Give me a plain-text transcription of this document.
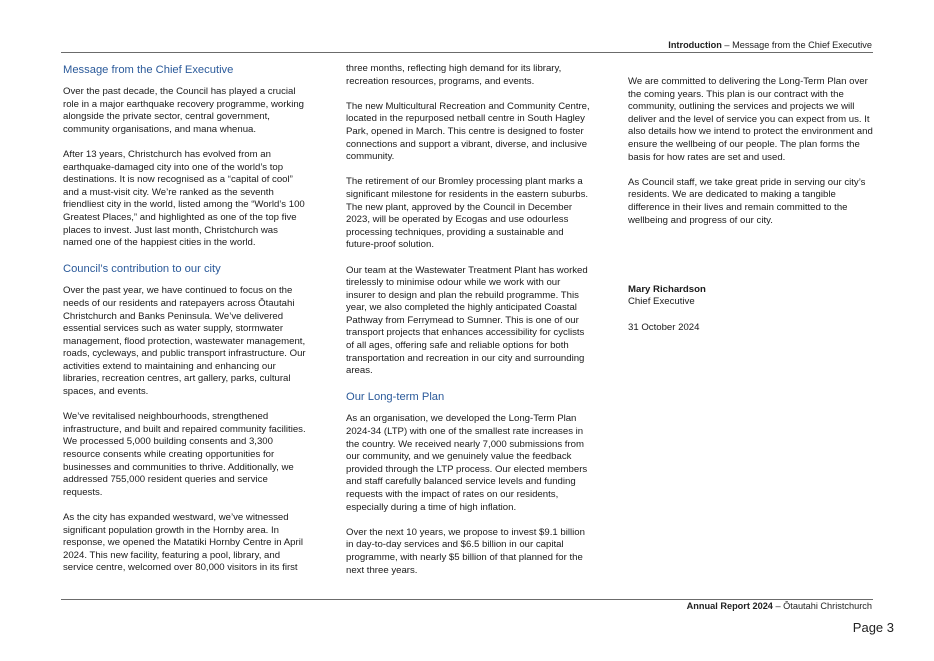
Introduction – Message from the Chief Executive
Message from the Chief Executive

Over the past decade, the Council has played a crucial role in a major earthquake recovery programme, working alongside the private sector, central government, community organisations, and mana whenua.

After 13 years, Christchurch has evolved from an earthquake-damaged city into one of the world’s top destinations. It is now recognised as a “capital of cool” and a must-visit city. We’re ranked as the seventh friendliest city in the world, listed among the “World’s 100 Greatest Places,” and highlighted as one of the top five places to invest. Just last month, Christchurch was named one of the happiest cities in the world.

Council’s contribution to our city

Over the past year, we have continued to focus on the needs of our residents and ratepayers across Ōtautahi Christchurch and Banks Peninsula. We’ve delivered essential services such as water supply, stormwater management, flood protection, wastewater management, roads, cycleways, and public transport infrastructure. Our activities extend to maintaining and enhancing our libraries, recreation centres, art gallery, parks, cultural spaces, and events.

We’ve revitalised neighbourhoods, strengthened infrastructure, and built and repaired community facilities. We processed 5,000 building consents and 3,300 resource consents while creating opportunities for businesses and communities to thrive. Additionally, we addressed 755,000 resident queries and service requests.

As the city has expanded westward, we’ve witnessed significant population growth in the Hornby area. In response, we opened the Matatiki Hornby Centre in April 2024. This new facility, featuring a pool, library, and service centre, welcomed over 80,000 visitors in its first

three months, reflecting high demand for its library, recreation resources, programs, and events.

The new Multicultural Recreation and Community Centre, located in the repurposed netball centre in South Hagley Park, opened in March. This centre is designed to foster connections and support a vibrant, diverse, and inclusive community.

The retirement of our Bromley processing plant marks a significant milestone for residents in the eastern suburbs. The new plant, approved by the Council in December 2023, will be operated by Ecogas and use odourless processing techniques, providing a sustainable and future-proof solution.

Our team at the Wastewater Treatment Plant has worked tirelessly to minimise odour while we work with our insurer to design and plan the rebuild programme. This year, we also completed the highly anticipated Coastal Pathway from Ferrymead to Sumner. This is one of our transport projects that enhances accessibility for cyclists of all ages, offering safe and reliable options for both transportation and recreation in our city and surrounding areas.

Our Long-term Plan

As an organisation, we developed the Long-Term Plan 2024-34 (LTP) with one of the smallest rate increases in the country. We received nearly 7,000 submissions from our community, and we genuinely value the feedback provided through the LTP process. Our elected members and staff carefully balanced service levels and funding requests with the impact of rates on our residents, especially during a time of high inflation.

Over the next 10 years, we propose to invest $9.1 billion in day-to-day services and $6.5 billion in our capital programme, with nearly $5 billion of that planned for the next three years.

We are committed to delivering the Long-Term Plan over the coming years. This plan is our contract with the community, outlining the services and projects we will deliver and the level of service you can expect from us. It also details how we intend to protect the environment and ensure the wellbeing of our people. The plan forms the basis for how rates are set and used.

As Council staff, we take great pride in serving our city’s residents. We are dedicated to making a tangible difference in their lives and remain committed to the wellbeing and progress of our city.

Mary Richardson
Chief Executive
31 October 2024
Annual Report 2024 – Ōtautahi Christchurch
Page 3
